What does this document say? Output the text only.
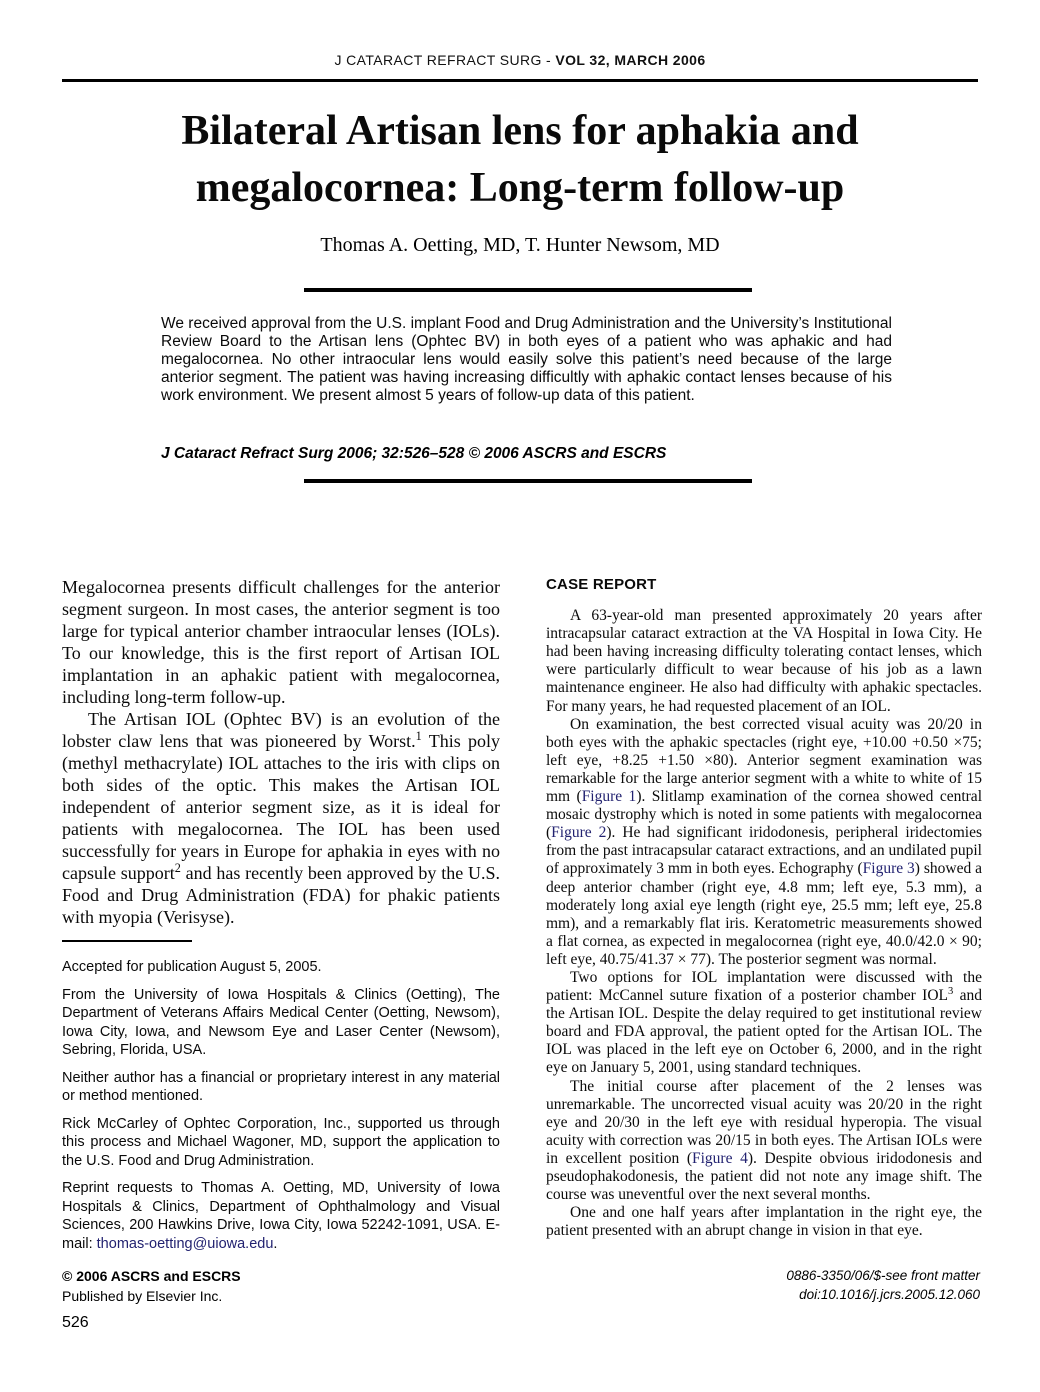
J CATARACT REFRACT SURG - VOL 32, MARCH 2006
Bilateral Artisan lens for aphakia and
megalocornea: Long-term follow-up
Thomas A. Oetting, MD, T. Hunter Newsom, MD
We received approval from the U.S. implant Food and Drug Administration and the University’s Institutional Review Board to the Artisan lens (Ophtec BV) in both eyes of a patient who was aphakic and had megalocornea. No other intraocular lens would easily solve this patient’s need because of the large anterior segment. The patient was having increasing difficultly with aphakic contact lenses because of his work environment. We present almost 5 years of follow-up data of this patient.
J Cataract Refract Surg 2006; 32:526–528 © 2006 ASCRS and ESCRS

Megalocornea presents difficult challenges for the anterior segment surgeon. In most cases, the anterior segment is too large for typical anterior chamber intraocular lenses (IOLs). To our knowledge, this is the first report of Artisan IOL implantation in an aphakic patient with megalocornea, including long-term follow-up.

The Artisan IOL (Ophtec BV) is an evolution of the lobster claw lens that was pioneered by Worst.$^1$ This poly (methyl methacrylate) IOL attaches to the iris with clips on both sides of the optic. This makes the Artisan IOL independent of anterior segment size, as it is ideal for patients with megalocornea. The IOL has been used successfully for years in Europe for aphakia in eyes with no capsule support$^2$ and has recently been approved by the U.S. Food and Drug Administration (FDA) for phakic patients with myopia (Verisyse).

CASE REPORT

A 63-year-old man presented approximately 20 years after intracapsular cataract extraction at the VA Hospital in Iowa City. He had been having increasing difficulty tolerating contact lenses, which were particularly difficult to wear because of his job as a lawn maintenance engineer. He also had difficulty with aphakic spectacles. For many years, he had requested placement of an IOL.

On examination, the best corrected visual acuity was 20/20 in both eyes with the aphakic spectacles (right eye, +10.00 +0.50 ×75; left eye, +8.25 +1.50 ×80). Anterior segment examination was remarkable for the large anterior segment with a white to white of 15 mm (Figure 1). Slitlamp examination of the cornea showed central mosaic dystrophy which is noted in some patients with megalocornea (Figure 2). He had significant iridodonesis, peripheral iridectomies from the past intracapsular cataract extractions, and an undilated pupil of approximately 3 mm in both eyes. Echography (Figure 3) showed a deep anterior chamber (right eye, 4.8 mm; left eye, 5.3 mm), a moderately long axial eye length (right eye, 25.5 mm; left eye, 25.8 mm), and a remarkably flat iris. Keratometric measurements showed a flat cornea, as expected in megalocornea (right eye, 40.0/42.0 × 90; left eye, 40.75/41.37 × 77). The posterior segment was normal.

Two options for IOL implantation were discussed with the patient: McCannel suture fixation of a posterior chamber IOL$^3$ and the Artisan IOL. Despite the delay required to get institutional review board and FDA approval, the patient opted for the Artisan IOL. The IOL was placed in the left eye on October 6, 2000, and in the right eye on January 5, 2001, using standard techniques.

The initial course after placement of the 2 lenses was unremarkable. The uncorrected visual acuity was 20/20 in the right eye and 20/30 in the left eye with residual hyperopia. The visual acuity with correction was 20/15 in both eyes. The Artisan IOLs were in excellent position (Figure 4). Despite obvious iridodonesis and pseudophakodonesis, the patient did not note any image shift. The course was uneventful over the next several months.

One and one half years after implantation in the right eye, the patient presented with an abrupt change in vision in that eye.

Accepted for publication August 5, 2005.

From the University of Iowa Hospitals & Clinics (Oetting), The Department of Veterans Affairs Medical Center (Oetting, Newsom), Iowa City, Iowa, and Newsom Eye and Laser Center (Newsom), Sebring, Florida, USA.

Neither author has a financial or proprietary interest in any material or method mentioned.

Rick McCarley of Ophtec Corporation, Inc., supported us through this process and Michael Wagoner, MD, support the application to the U.S. Food and Drug Administration.

Reprint requests to Thomas A. Oetting, MD, University of Iowa Hospitals & Clinics, Department of Ophthalmology and Visual Sciences, 200 Hawkins Drive, Iowa City, Iowa 52242-1091, USA. E-mail: thomas-oetting@uiowa.edu.

© 2006 ASCRS and ESCRS
Published by Elsevier Inc.
526
0886-3350/06/$-see front matter
doi:10.1016/j.jcrs.2005.12.060
